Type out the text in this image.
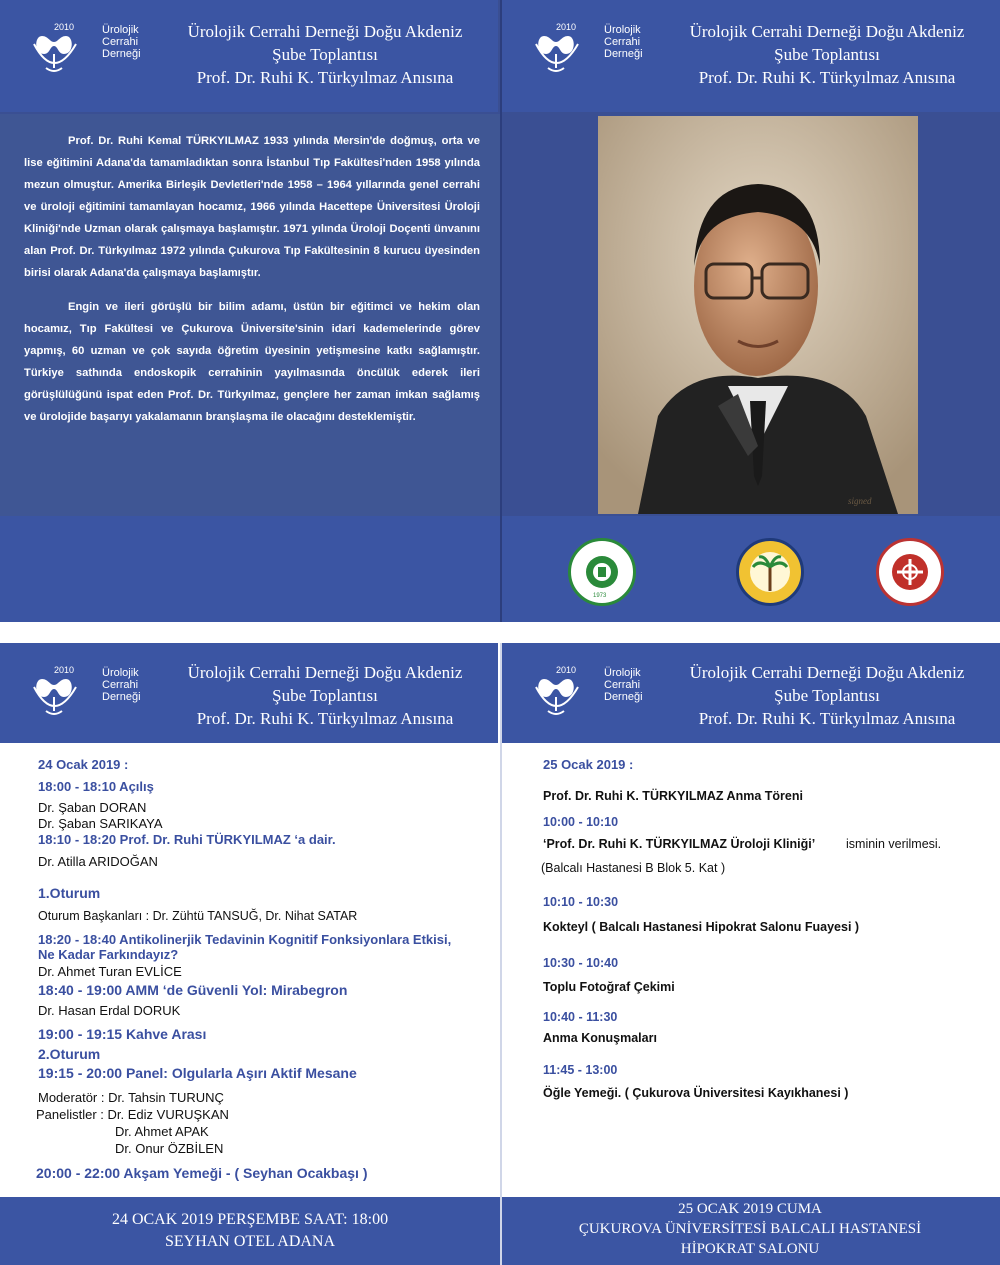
2010	Ürolojik
Cerrahi
Derneği
Ürolojik Cerrahi Derneği Doğu Akdeniz
Şube Toplantısı
Prof. Dr. Ruhi K. Türkyılmaz Anısına
2010	Ürolojik
Cerrahi
Derneği
Ürolojik Cerrahi Derneği Doğu Akdeniz
Şube Toplantısı
Prof. Dr. Ruhi K. Türkyılmaz Anısına

Prof. Dr. Ruhi Kemal TÜRKYILMAZ 1933 yılında Mersin'de doğmuş, orta ve lise eğitimini Adana'da tamamladıktan sonra İstanbul Tıp Fakültesi'nden 1958 yılında mezun olmuştur. Amerika Birleşik Devletleri'nde 1958 – 1964 yıllarında genel cerrahi ve üroloji eğitimini tamamlayan hocamız, 1966 yılında Hacettepe Üniversitesi Üroloji Kliniği'nde Uzman olarak çalışmaya başlamıştır. 1971 yılında Üroloji Doçenti ünvanını alan Prof. Dr. Türkyılmaz 1972 yılında Çukurova Tıp Fakültesinin 8 kurucu üyesinden birisi olarak Adana'da çalışmaya başlamıştır.

Engin ve ileri görüşlü bir bilim adamı, üstün bir eğitimci ve hekim olan hocamız, Tıp Fakültesi ve Çukurova Üniversite'sinin idari kademelerinde görev yapmış, 60 uzman ve çok sayıda öğretim üyesinin yetişmesine katkı sağlamıştır. Türkiye sathında endoskopik cerrahinin yayılmasında öncülük ederek ileri görüşlülüğünü ispat eden Prof. Dr. Türkyılmaz, gençlere her zaman imkan sağlamış ve ürolojide başarıyı yakalamanın branşlaşma ile olacağını desteklemiştir.

signed
1973
2010	Ürolojik
Cerrahi
Derneği
Ürolojik Cerrahi Derneği Doğu Akdeniz
Şube Toplantısı
Prof. Dr. Ruhi K. Türkyılmaz Anısına
2010	Ürolojik
Cerrahi
Derneği
Ürolojik Cerrahi Derneği Doğu Akdeniz
Şube Toplantısı
Prof. Dr. Ruhi K. Türkyılmaz Anısına
24 Ocak 2019 :
18:00 - 18:10 Açılış
Dr. Şaban DORAN
Dr. Şaban SARIKAYA
18:10 - 18:20 Prof. Dr. Ruhi TÜRKYILMAZ ‘a dair.
Dr. Atilla ARIDOĞAN
1.Oturum
Oturum Başkanları : Dr. Zühtü TANSUĞ, Dr. Nihat SATAR
18:20 - 18:40 Antikolinerjik Tedavinin Kognitif Fonksiyonlara Etkisi,
Ne Kadar Farkındayız?
Dr. Ahmet Turan EVLİCE
18:40 - 19:00 AMM ‘de Güvenli Yol: Mirabegron
Dr. Hasan Erdal DORUK
19:00 - 19:15 Kahve Arası
2.Oturum
19:15 - 20:00 Panel: Olgularla Aşırı Aktif Mesane
Moderatör : Dr. Tahsin TURUNÇ
Panelistler : Dr. Ediz VURUŞKAN
Dr. Ahmet APAK
Dr. Onur ÖZBİLEN
20:00 - 22:00 Akşam Yemeği - ( Seyhan Ocakbaşı )
25 Ocak 2019 :
Prof. Dr. Ruhi K. TÜRKYILMAZ Anma Töreni
10:00 - 10:10
‘Prof. Dr. Ruhi K. TÜRKYILMAZ Üroloji Kliniği’ isminin verilmesi.
(Balcalı Hastanesi B Blok 5. Kat )
10:10 - 10:30
Kokteyl ( Balcalı Hastanesi Hipokrat Salonu Fuayesi )
10:30 - 10:40
Toplu Fotoğraf Çekimi
10:40 - 11:30
Anma Konuşmaları
11:45 - 13:00
Öğle Yemeği. ( Çukurova Üniversitesi Kayıkhanesi )
24 OCAK 2019 PERŞEMBE SAAT: 18:00
SEYHAN OTEL ADANA
25 OCAK 2019 CUMA
ÇUKUROVA ÜNİVERSİTESİ BALCALI HASTANESİ
HİPOKRAT SALONU
